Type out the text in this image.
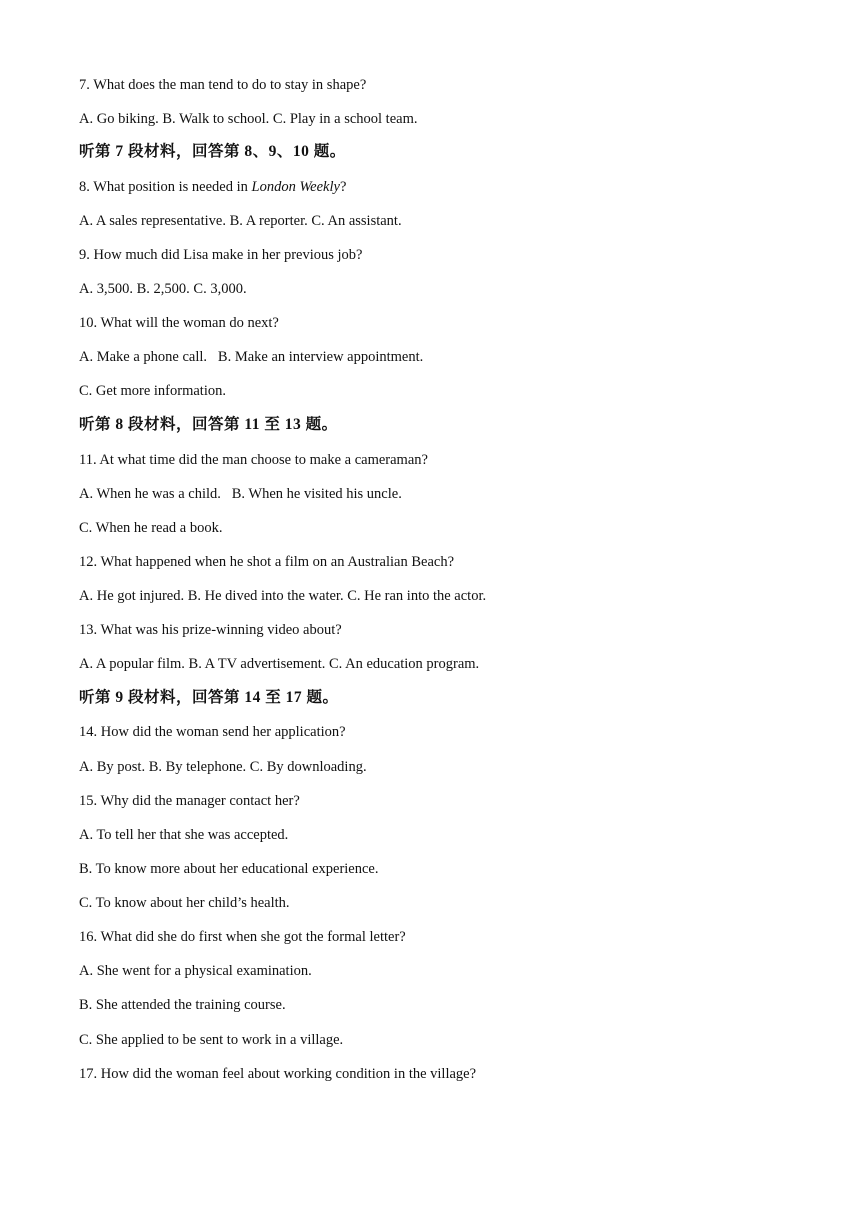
7. What does the man tend to do to stay in shape?

A. Go biking. B. Walk to school. C. Play in a school team.

听第 7 段材料，回答第 8、9、10 题。

8. What position is needed in London Weekly?

A. A sales representative. B. A reporter. C. An assistant.

9. How much did Lisa make in her previous job?

A. 3,500. B. 2,500. C. 3,000.

10. What will the woman do next?

A. Make a phone call.   B. Make an interview appointment.

C. Get more information.

听第 8 段材料，回答第 11 至 13 题。

11. At what time did the man choose to make a cameraman?

A. When he was a child.   B. When he visited his uncle.

C. When he read a book.

12. What happened when he shot a film on an Australian Beach?

A. He got injured. B. He dived into the water. C. He ran into the actor.

13. What was his prize-winning video about?

A. A popular film. B. A TV advertisement. C. An education program.

听第 9 段材料，回答第 14 至 17 题。

14. How did the woman send her application?

A. By post. B. By telephone. C. By downloading.

15. Why did the manager contact her?

A. To tell her that she was accepted.

B. To know more about her educational experience.

C. To know about her child’s health.

16. What did she do first when she got the formal letter?

A. She went for a physical examination.

B. She attended the training course.

C. She applied to be sent to work in a village.

17. How did the woman feel about working condition in the village?
